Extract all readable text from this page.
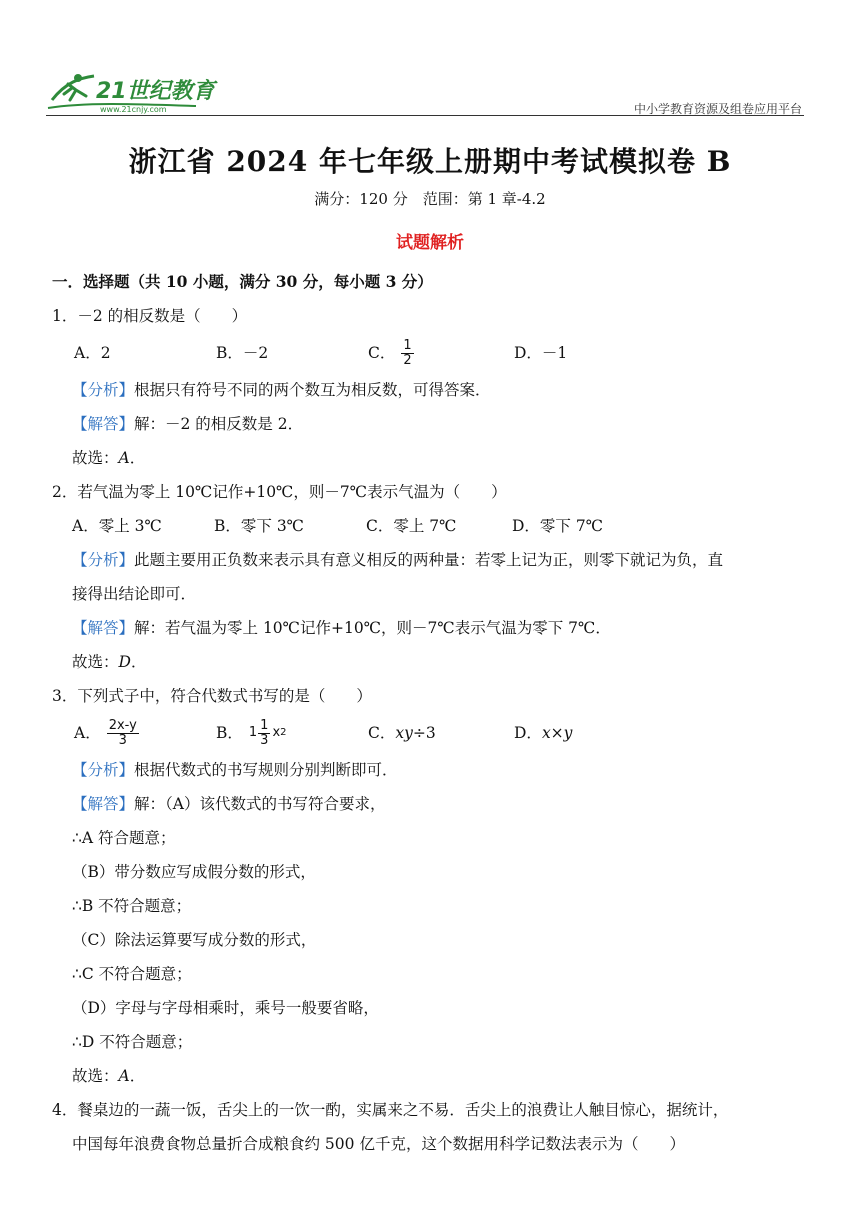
21世纪教育
www.21cnjy.com	中小学教育资源及组卷应用平台
浙江省 2024 年七年级上册期中考试模拟卷 B
满分：120 分　范围：第 1 章-4.2
试题解析
一．选择题（共 10 小题，满分 30 分，每小题 3 分）
1．－2 的相反数是（　　）
A．2	B．－2	C． $\frac{1}{2}$	D．－1
【分析】根据只有符号不同的两个数互为相反数，可得答案．
【解答】解：－2 的相反数是 2．
故选：A．
2．若气温为零上 10℃记作+10℃，则－7℃表示气温为（　　）
A．零上 3℃	B．零下 3℃	C．零上 7℃	D．零下 7℃
【分析】此题主要用正负数来表示具有意义相反的两种量：若零上记为正，则零下就记为负，直
接得出结论即可．
【解答】解：若气温为零上 10℃记作+10℃，则－7℃表示气温为零下 7℃．
故选：D．
3．下列式子中，符合代数式书写的是（　　）
A． $\frac{2x-y}{3}$	B． $1 \frac{1}{3}$ x 2	C． xy ÷3	D． x×y
【分析】根据代数式的书写规则分别判断即可．
【解答】解：（A）该代数式的书写符合要求，
∴A 符合题意；
（B）带分数应写成假分数的形式，
∴B 不符合题意；
（C）除法运算要写成分数的形式，
∴C 不符合题意；
（D）字母与字母相乘时，乘号一般要省略，
∴D 不符合题意；
故选：A．
4．餐桌边的一蔬一饭，舌尖上的一饮一酌，实属来之不易．舌尖上的浪费让人触目惊心，据统计，
中国每年浪费食物总量折合成粮食约 500 亿千克，这个数据用科学记数法表示为（　　）
